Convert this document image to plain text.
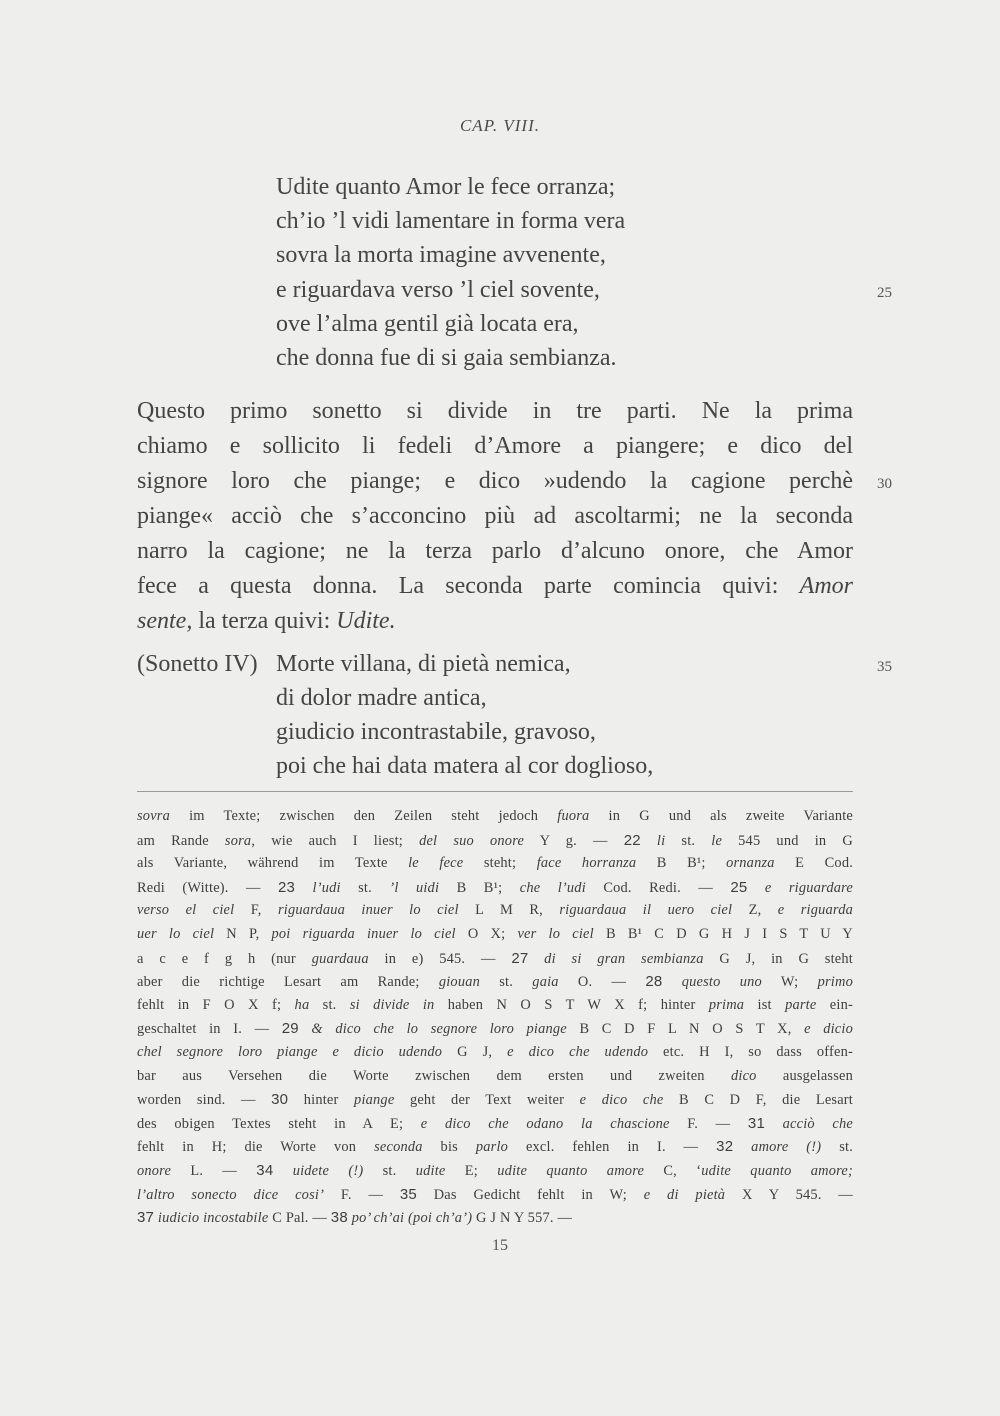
CAP. VIII.
Udite quanto Amor le fece orranza;
ch’io ’l vidi lamentare in forma vera
sovra la morta imagine avvenente,
e riguardava verso ’l ciel sovente,	25
ove l’alma gentil già locata era,
che donna fue di si gaia sembianza.
Questo primo sonetto si divide in tre parti. Ne la prima
chiamo e sollicito li fedeli d’Amore a piangere; e dico del
signore loro che piange; e dico »udendo la cagione perchè	30
piange« acciò che s’acconcino più ad ascoltarmi; ne la seconda
narro la cagione; ne la terza parlo d’alcuno onore, che Amor
fece a questa donna. La seconda parte comincia quivi: Amor
sente, la terza quivi: Udite.
(Sonetto IV) Morte villana, di pietà nemica,	35
di dolor madre antica,
giudicio incontrastabile, gravoso,
poi che hai data matera al cor doglioso,
sovra im Texte; zwischen den Zeilen steht jedoch fuora in G und als zweite Variante
am Rande sora, wie auch I liest; del suo onore Y g. — 22 li st. le 545 und in G
als Variante, während im Texte le fece steht; face horranza B B¹; ornanza E Cod.
Redi (Witte). — 23 l’udi st. ’l uidi B B¹; che l’udi Cod. Redi. — 25 e riguardare
verso el ciel F, riguardaua inuer lo ciel L M R, riguardaua il uero ciel Z, e riguarda
uer lo ciel N P, poi riguarda inuer lo ciel O X; ver lo ciel B B¹ C D G H J I S T U Y
a c e f g h (nur guardaua in e) 545. — 27 di si gran sembianza G J, in G steht
aber die richtige Lesart am Rande; giouan st. gaia O. — 28 questo uno W; primo
fehlt in F O X f; ha st. si divide in haben N O S T W X f; hinter prima ist parte ein-
geschaltet in I. — 29 & dico che lo segnore loro piange B C D F L N O S T X, e dicio
chel segnore loro piange e dicio udendo G J, e dico che udendo etc. H I, so dass offen-
bar aus Versehen die Worte zwischen dem ersten und zweiten dico ausgelassen
worden sind. — 30 hinter piange geht der Text weiter e dico che B C D F, die Lesart
des obigen Textes steht in A E; e dico che odano la chascione F. — 31 acciò che
fehlt in H; die Worte von seconda bis parlo excl. fehlen in I. — 32 amore (!) st.
onore L. — 34 uidete (!) st. udite E; udite quanto amore C, ‘udite quanto amore;
l’altro sonecto dice cosi’ F. — 35 Das Gedicht fehlt in W; e di pietà X Y 545. —
37 iudicio incostabile C Pal. — 38 po’ ch’ai (poi ch’a’) G J N Y 557. —
15
